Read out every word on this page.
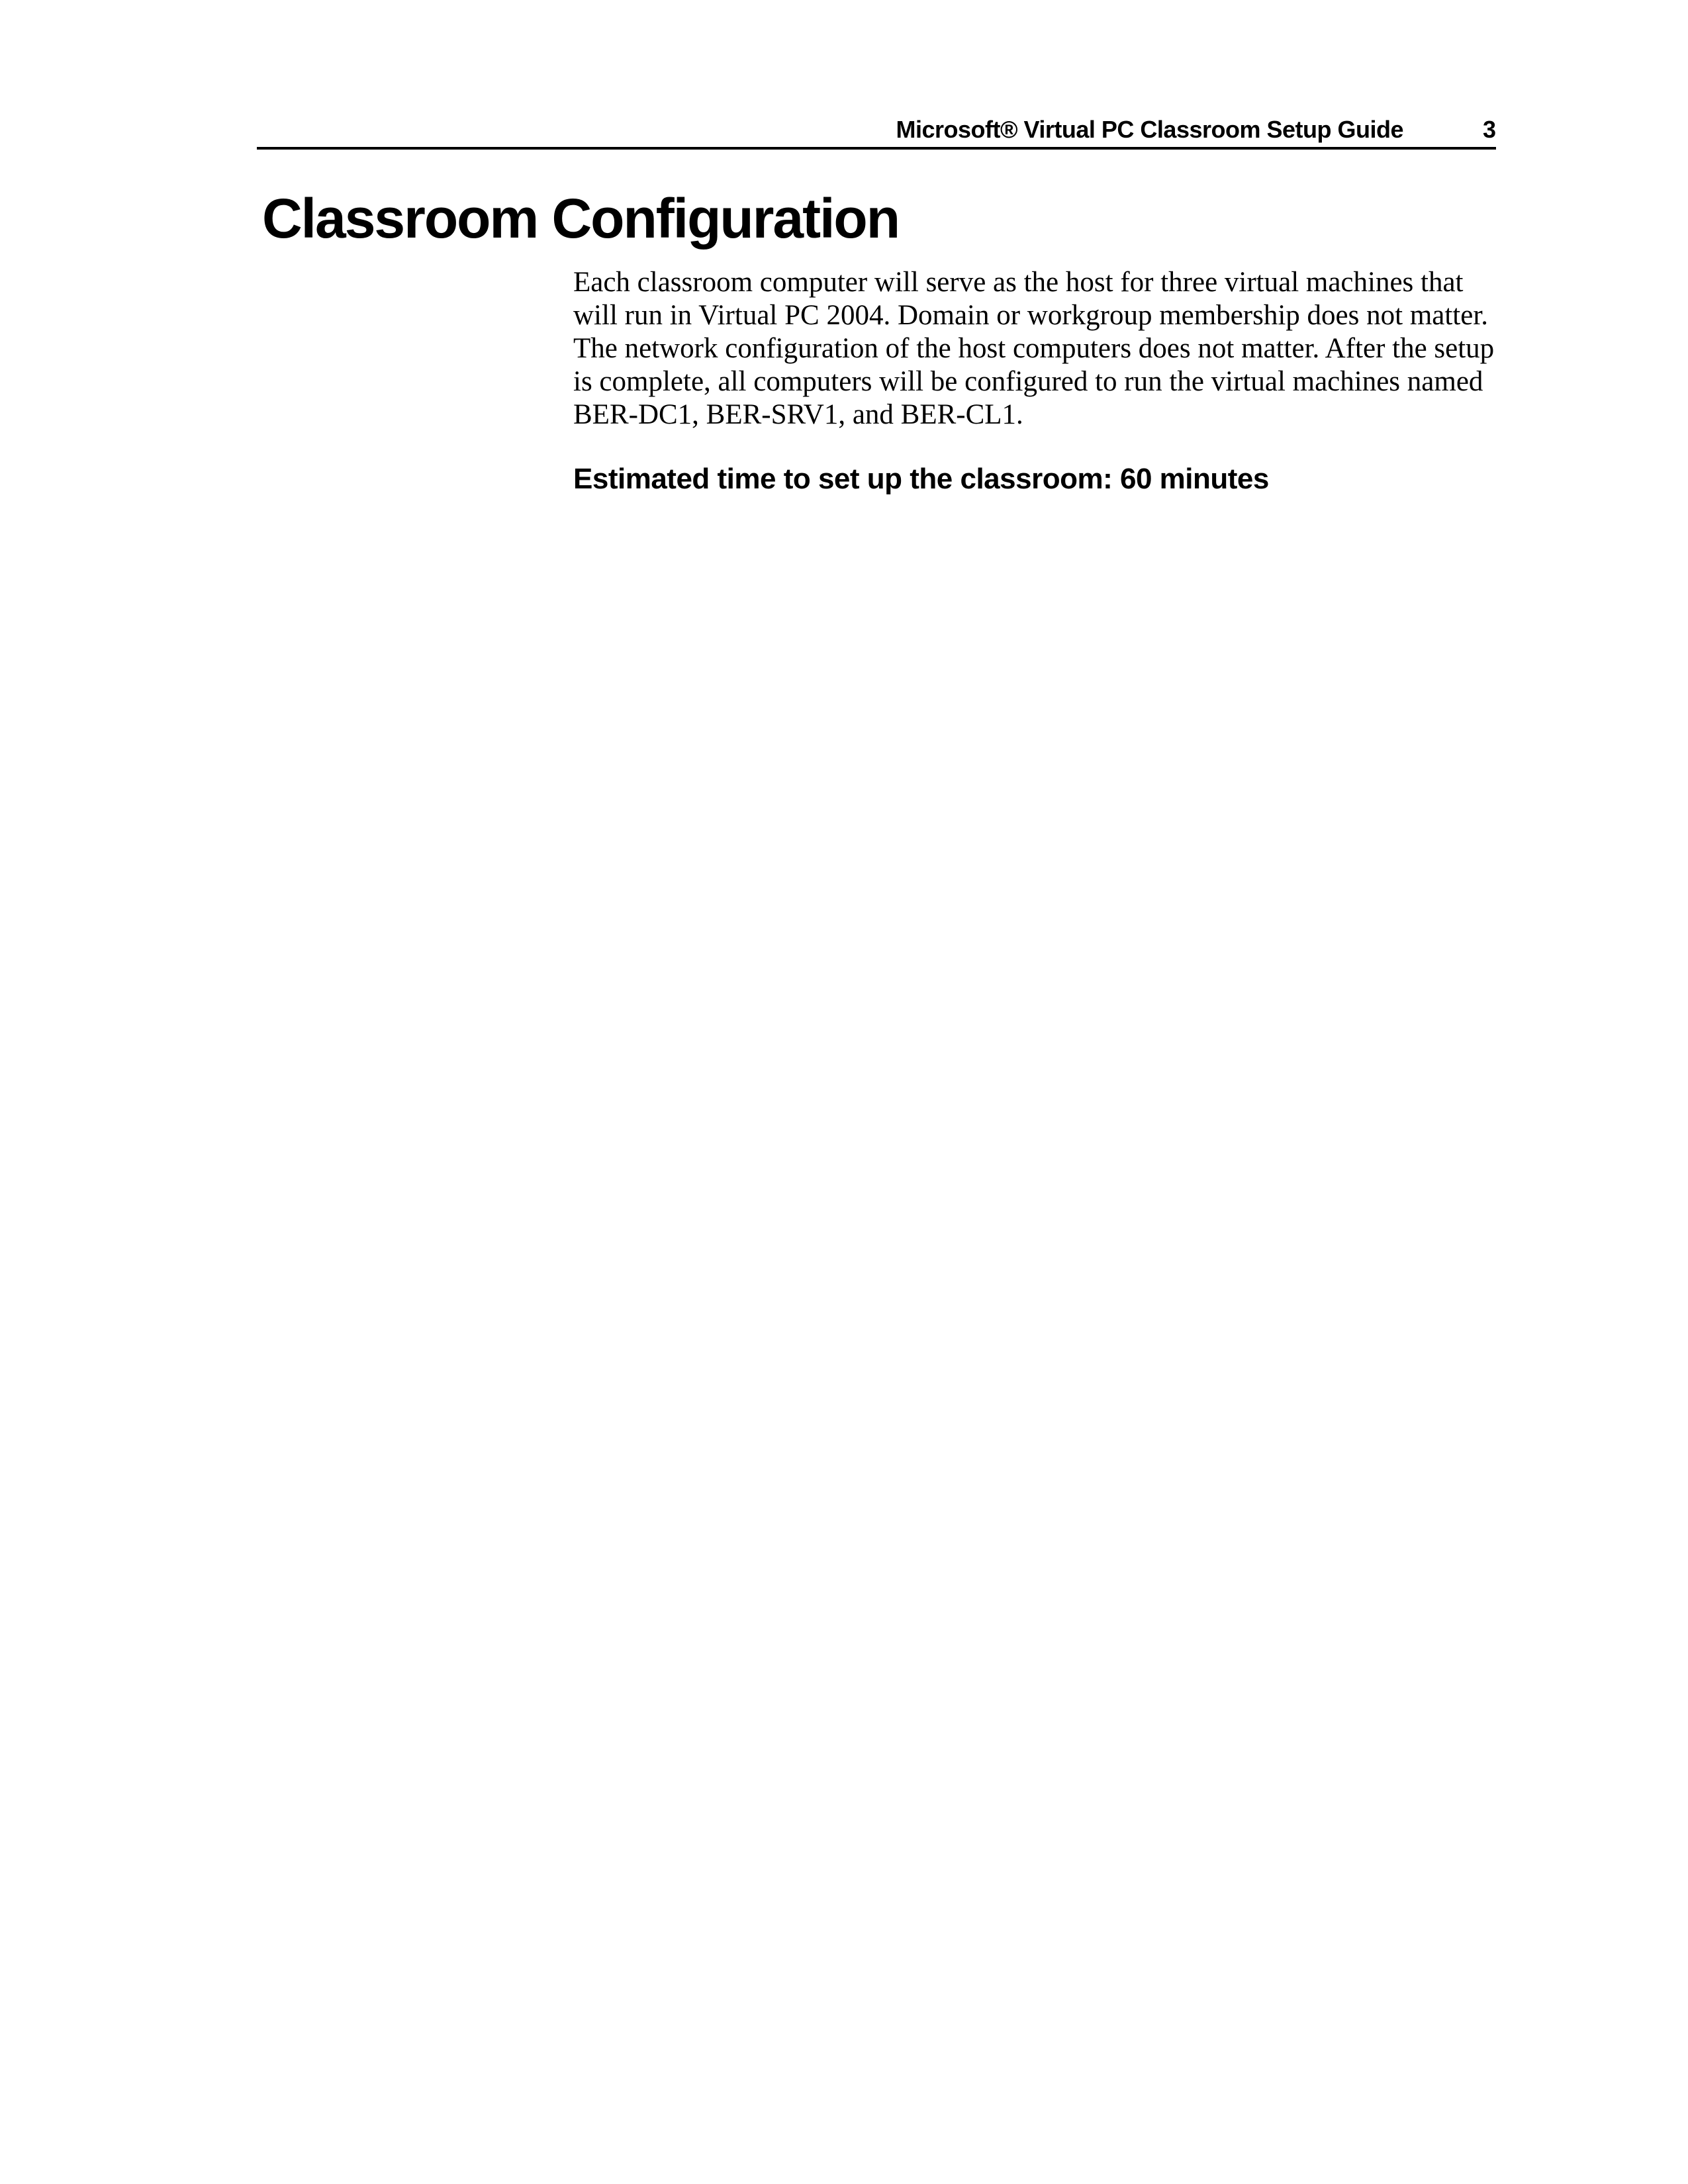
Microsoft® Virtual PC Classroom Setup Guide	3
Classroom Configuration

Each classroom computer will serve as the host for three virtual machines that will run in Virtual PC 2004. Domain or workgroup membership does not matter. The network configuration of the host computers does not matter. After the setup is complete, all computers will be configured to run the virtual machines named BER-DC1, BER-SRV1, and BER-CL1.

Estimated time to set up the classroom: 60 minutes
